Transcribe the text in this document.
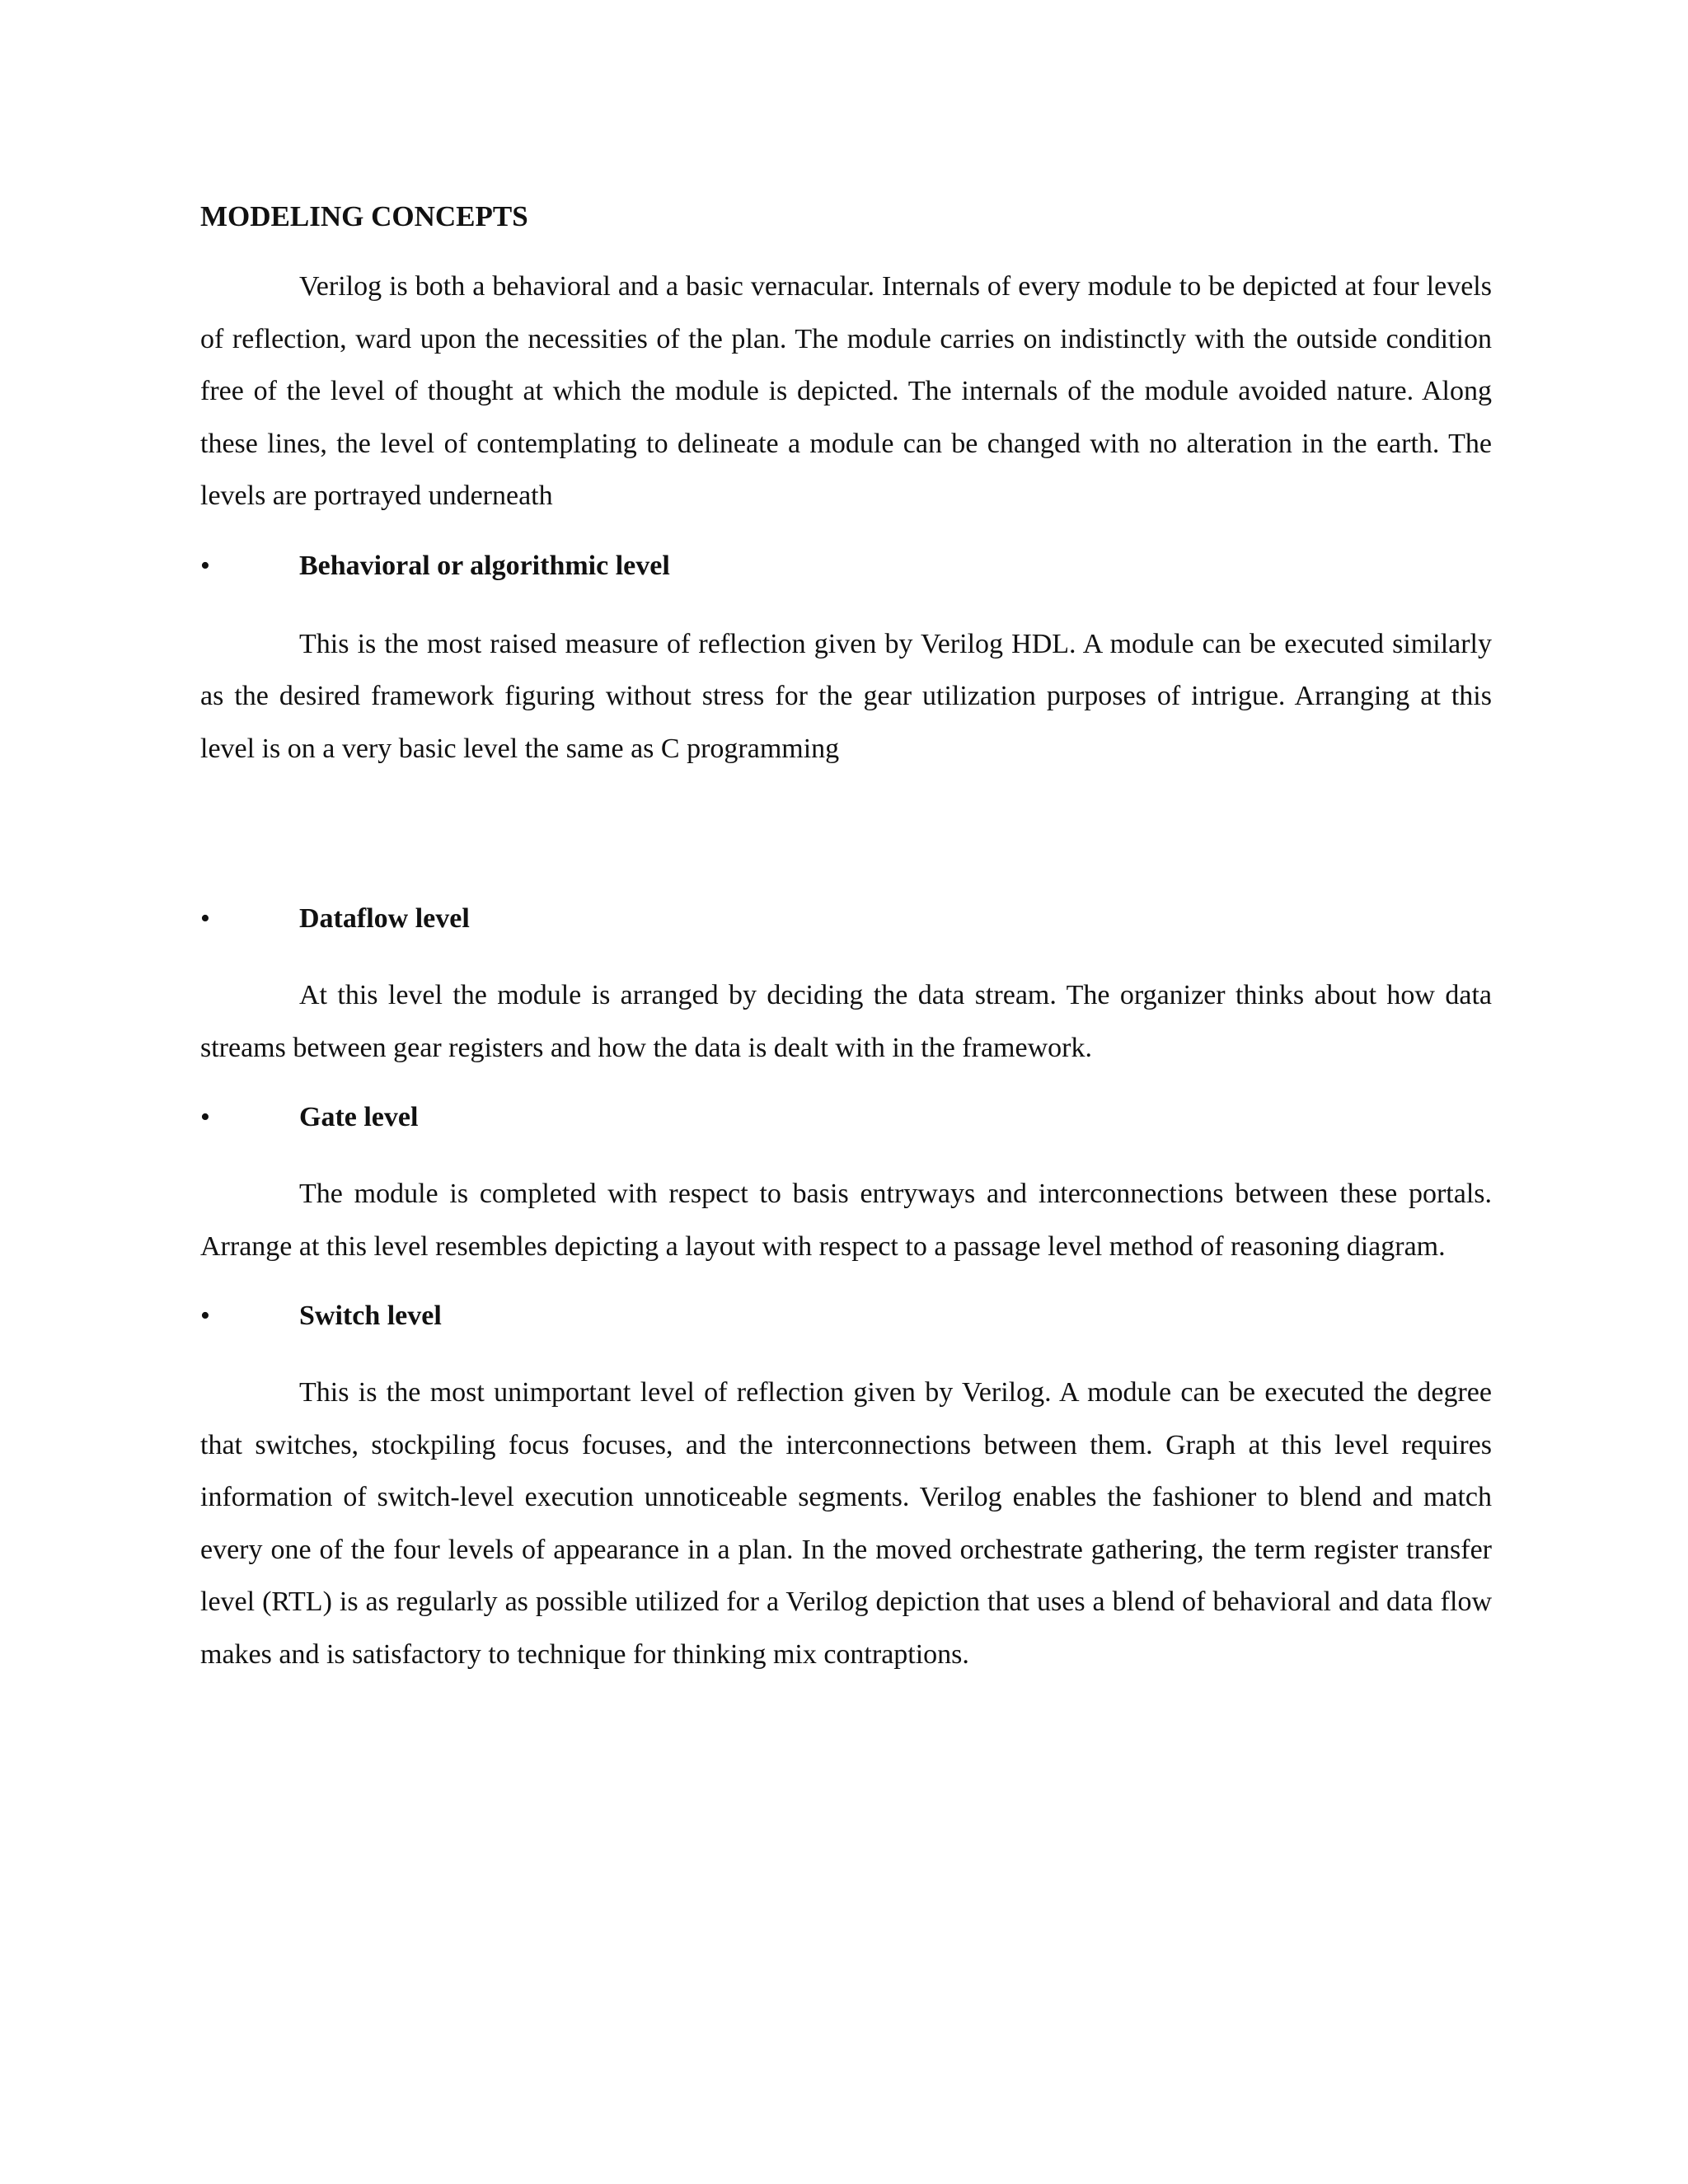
MODELING CONCEPTS

Verilog is both a behavioral and a basic vernacular. Internals of every module to be depicted at four levels of reflection, ward upon the necessities of the plan. The module carries on indistinctly with the outside condition free of the level of thought at which the module is depicted. The internals of the module avoided nature. Along these lines, the level of contemplating to delineate a module can be changed with no alteration in the earth. The levels are portrayed underneath

•	Behavioral or algorithmic level

This is the most raised measure of reflection given by Verilog HDL. A module can be executed similarly as the desired framework figuring without stress for the gear utilization purposes of intrigue. Arranging at this level is on a very basic level the same as C programming

•	Dataflow level

At this level the module is arranged by deciding the data stream. The organizer thinks about how data streams between gear registers and how the data is dealt with in the framework.

•	Gate level

The module is completed with respect to basis entryways and interconnections between these portals. Arrange at this level resembles depicting a layout with respect to a passage level method of reasoning diagram.

•	Switch level

This is the most unimportant level of reflection given by Verilog. A module can be executed the degree that switches, stockpiling focus focuses, and the interconnections between them. Graph at this level requires information of switch-level execution unnoticeable segments. Verilog enables the fashioner to blend and match every one of the four levels of appearance in a plan. In the moved orchestrate gathering, the term register transfer level (RTL) is as regularly as possible utilized for a Verilog depiction that uses a blend of behavioral and data flow makes and is satisfactory to technique for thinking mix contraptions.
